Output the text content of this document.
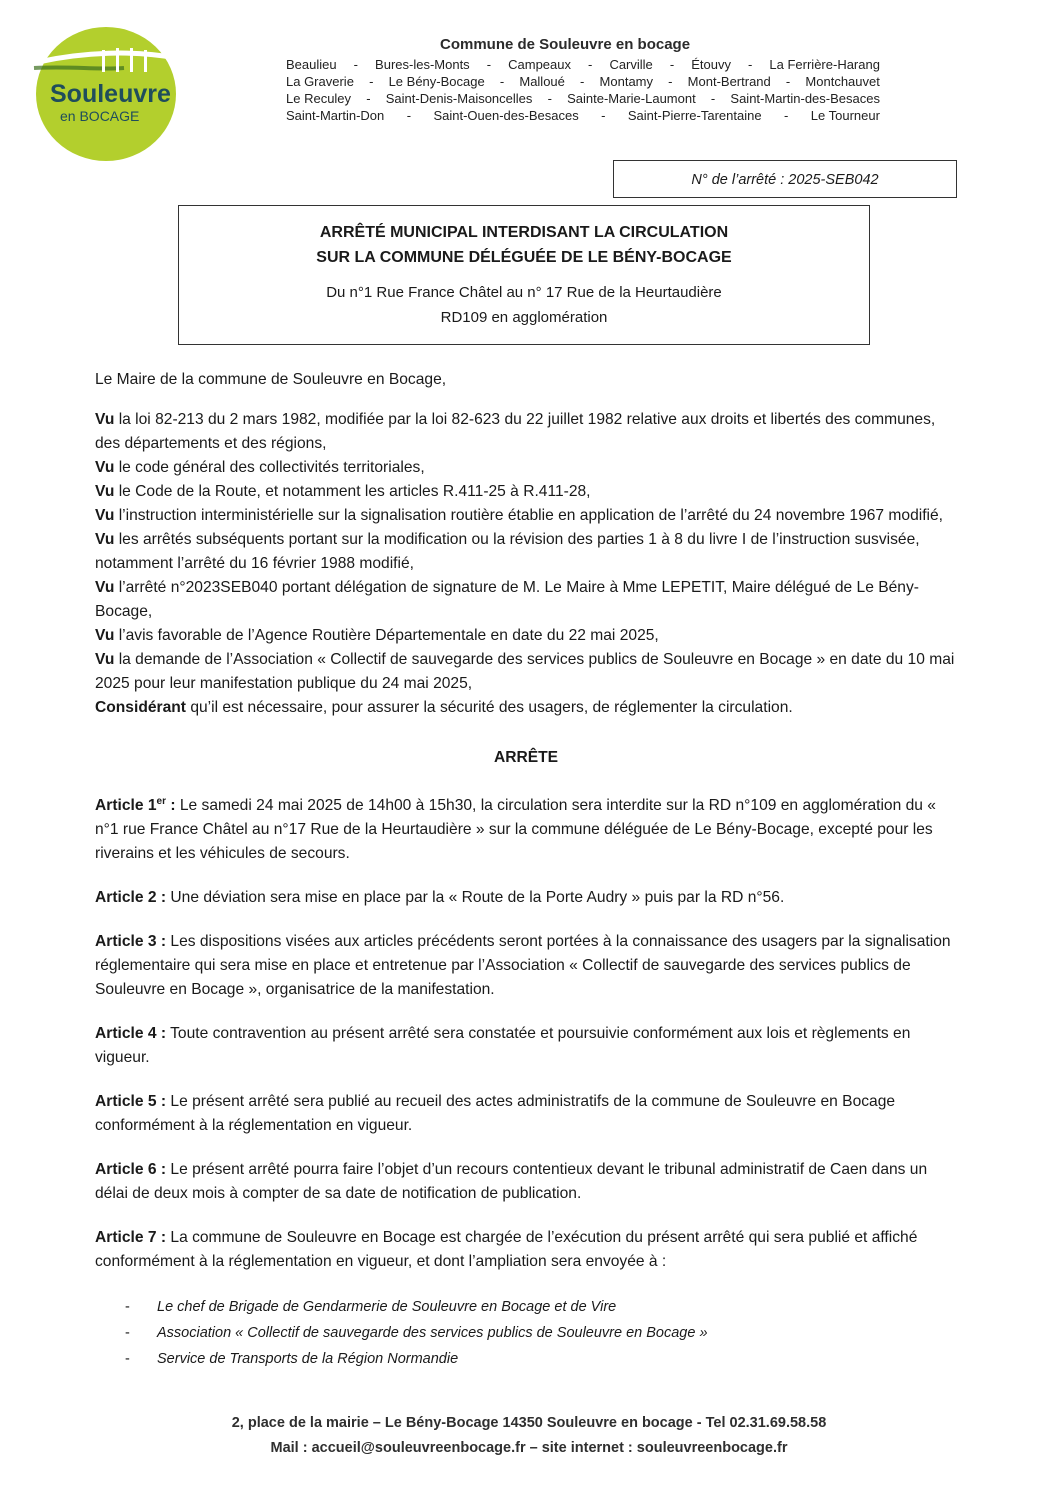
Souleuvre
en BOCAGE
Commune de Souleuvre en bocage
Beaulieu - Bures-les-Monts - Campeaux - Carville - Étouvy - La Ferrière-Harang
La Graverie - Le Bény-Bocage - Malloué - Montamy - Mont-Bertrand - Montchauvet
Le Reculey - Saint-Denis-Maisoncelles - Sainte-Marie-Laumont - Saint-Martin-des-Besaces
Saint-Martin-Don - Saint-Ouen-des-Besaces - Saint-Pierre-Tarentaine - Le Tourneur
N° de l’arrêté : 2025-SEB042
ARRÊTÉ MUNICIPAL INTERDISANT LA CIRCULATION
SUR LA COMMUNE DÉLÉGUÉE DE LE BÉNY-BOCAGE
Du n°1 Rue France Châtel au n° 17 Rue de la Heurtaudière
RD109 en agglomération

Le Maire de la commune de Souleuvre en Bocage,

Vu la loi 82-213 du 2 mars 1982, modifiée par la loi 82-623 du 22 juillet 1982 relative aux droits et libertés des communes, des départements et des régions,

Vu le code général des collectivités territoriales,

Vu le Code de la Route, et notamment les articles R.411-25 à R.411-28,

Vu l’instruction interministérielle sur la signalisation routière établie en application de l’arrêté du 24 novembre 1967 modifié,

Vu les arrêtés subséquents portant sur la modification ou la révision des parties 1 à 8 du livre I de l’instruction susvisée, notamment l’arrêté du 16 février 1988 modifié,

Vu l’arrêté n°2023SEB040 portant délégation de signature de M. Le Maire à Mme LEPETIT, Maire délégué de Le Bény-Bocage,

Vu l’avis favorable de l’Agence Routière Départementale en date du 22 mai 2025,

Vu la demande de l’Association « Collectif de sauvegarde des services publics de Souleuvre en Bocage » en date du 10 mai 2025 pour leur manifestation publique du 24 mai 2025,

Considérant qu’il est nécessaire, pour assurer la sécurité des usagers, de réglementer la circulation.

ARRÊTE

Article 1er : Le samedi 24 mai 2025 de 14h00 à 15h30, la circulation sera interdite sur la RD n°109 en agglomération du « n°1 rue France Châtel au n°17 Rue de la Heurtaudière » sur la commune déléguée de Le Bény-Bocage, excepté pour les riverains et les véhicules de secours.

Article 2 : Une déviation sera mise en place par la « Route de la Porte Audry » puis par la RD n°56.

Article 3 : Les dispositions visées aux articles précédents seront portées à la connaissance des usagers par la signalisation réglementaire qui sera mise en place et entretenue par l’Association « Collectif de sauvegarde des services publics de Souleuvre en Bocage », organisatrice de la manifestation.

Article 4 : Toute contravention au présent arrêté sera constatée et poursuivie conformément aux lois et règlements en vigueur.

Article 5 : Le présent arrêté sera publié au recueil des actes administratifs de la commune de Souleuvre en Bocage conformément à la réglementation en vigueur.

Article 6 : Le présent arrêté pourra faire l’objet d’un recours contentieux devant le tribunal administratif de Caen dans un délai de deux mois à compter de sa date de notification de publication.

Article 7 : La commune de Souleuvre en Bocage est chargée de l’exécution du présent arrêté qui sera publié et affiché conformément à la réglementation en vigueur, et dont l’ampliation sera envoyée à :

- Le chef de Brigade de Gendarmerie de Souleuvre en Bocage et de Vire
- Association « Collectif de sauvegarde des services publics de Souleuvre en Bocage »
- Service de Transports de la Région Normandie
2, place de la mairie – Le Bény-Bocage 14350 Souleuvre en bocage - Tel 02.31.69.58.58
Mail : accueil@souleuvreenbocage.fr – site internet : souleuvreenbocage.fr
